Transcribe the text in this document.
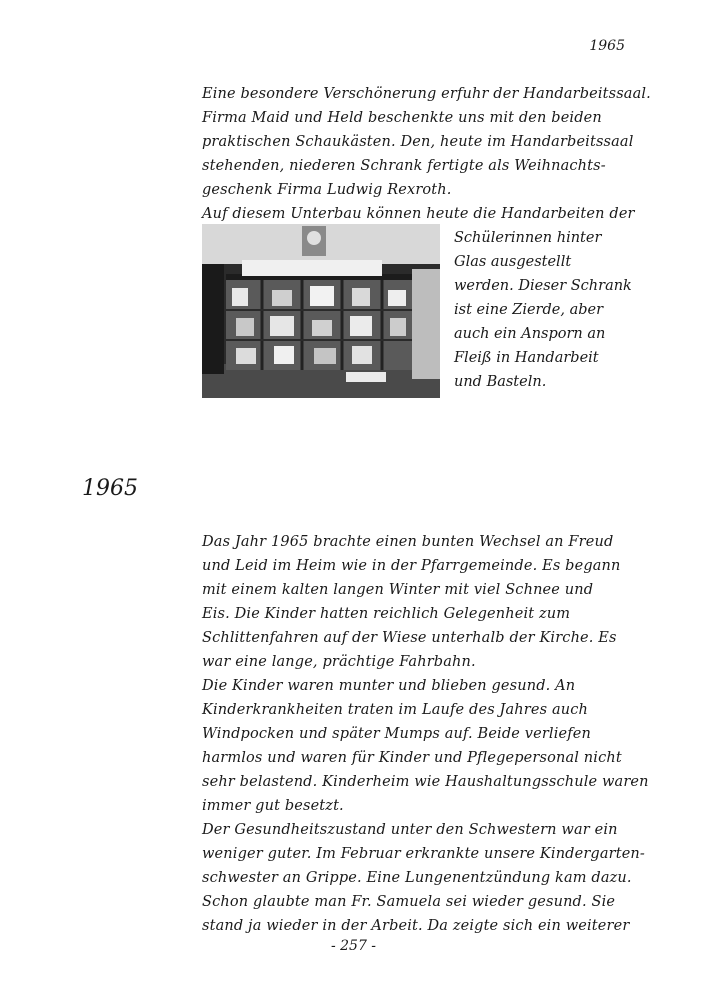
1965
Eine besondere Verschönerung erfuhr der Handarbeitssaal.
Firma Maid und Held beschenkte uns mit den beiden
praktischen Schaukästen. Den, heute im Handarbeitssaal
stehenden, niederen Schrank fertigte als Weihnachts-
geschenk Firma Ludwig Rexroth.
Auf diesem Unterbau können heute die Handarbeiten der
Schülerinnen hinter
Glas ausgestellt
werden. Dieser Schrank
ist eine Zierde, aber
auch ein Ansporn an
Fleiß in Handarbeit
und Basteln.
1965
Das Jahr 1965 brachte einen bunten Wechsel an Freud
und Leid im Heim wie in der Pfarrgemeinde. Es begann
mit einem kalten langen Winter mit viel Schnee und
Eis. Die Kinder hatten reichlich Gelegenheit zum
Schlittenfahren auf der Wiese unterhalb der Kirche. Es
war eine lange, prächtige Fahrbahn.
Die Kinder waren munter und blieben gesund. An
Kinderkrankheiten traten im Laufe des Jahres auch
Windpocken und später Mumps auf. Beide verliefen
harmlos und waren für Kinder und Pflegepersonal nicht
sehr belastend. Kinderheim wie Haushaltungsschule waren
immer gut besetzt.
Der Gesundheitszustand unter den Schwestern war ein
weniger guter. Im Februar erkrankte unsere Kindergarten-
schwester an Grippe. Eine Lungenentzündung kam dazu.
Schon glaubte man Fr. Samuela sei wieder gesund. Sie
stand ja wieder in der Arbeit. Da zeigte sich ein weiterer
- 257 -
